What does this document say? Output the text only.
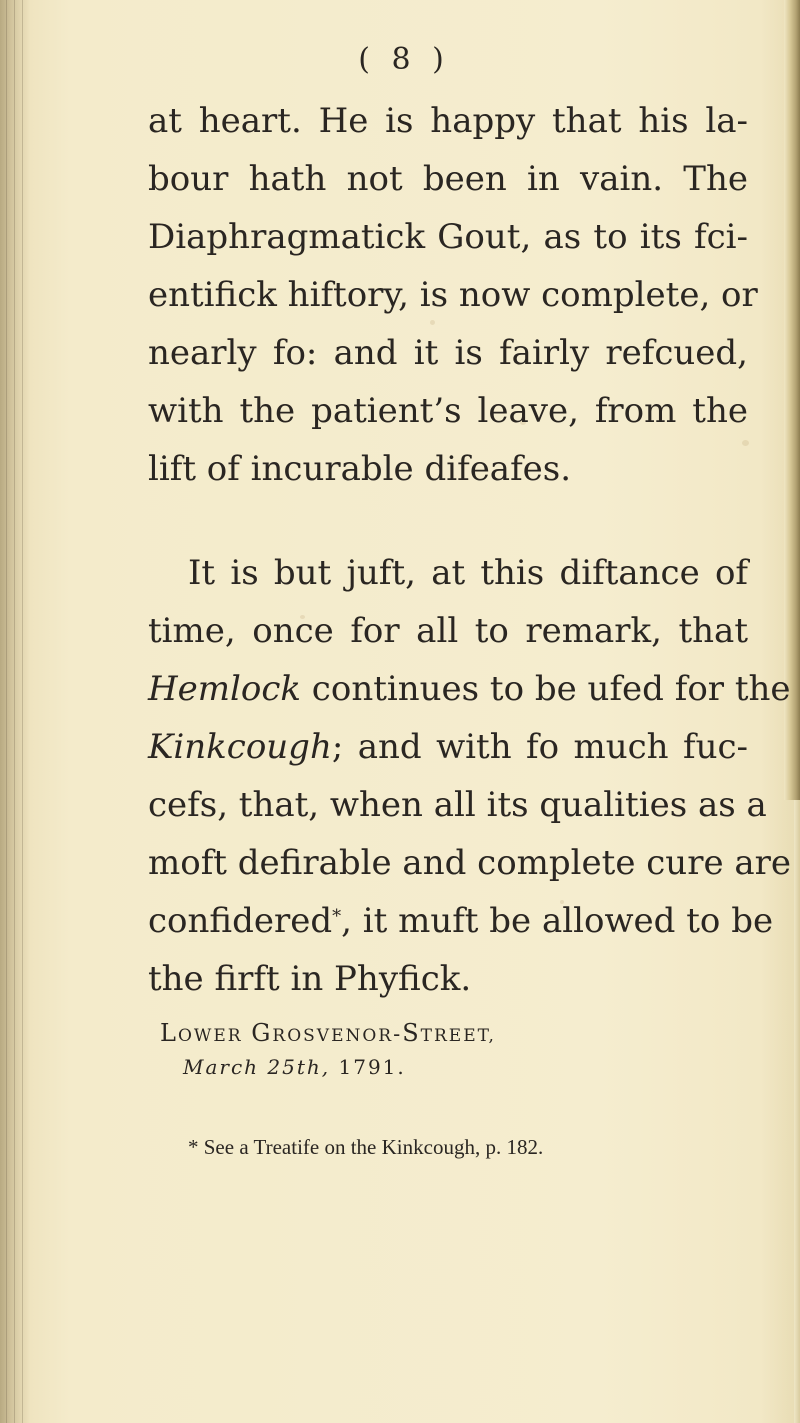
( 8 )
at heart. He is happy that his la-
bour hath not been in vain. The
Diaphragmatick Gout, as to its fci-
entifick hiftory, is now complete, or
nearly fo: and it is fairly refcued,
with the patient’s leave, from the
lift of incurable difeafes.
It is but juft, at this diftance of
time, once for all to remark, that
Hemlock continues to be ufed for the
Kinkcough; and with fo much fuc-
cefs, that, when all its qualities as a
moft defirable and complete cure are
confidered*, it muft be allowed to be
the firft in Phyfick.
LOWER GROSVENOR-STREET,
March 25th, 1791.
* See a Treatife on the Kinkcough, p. 182.
